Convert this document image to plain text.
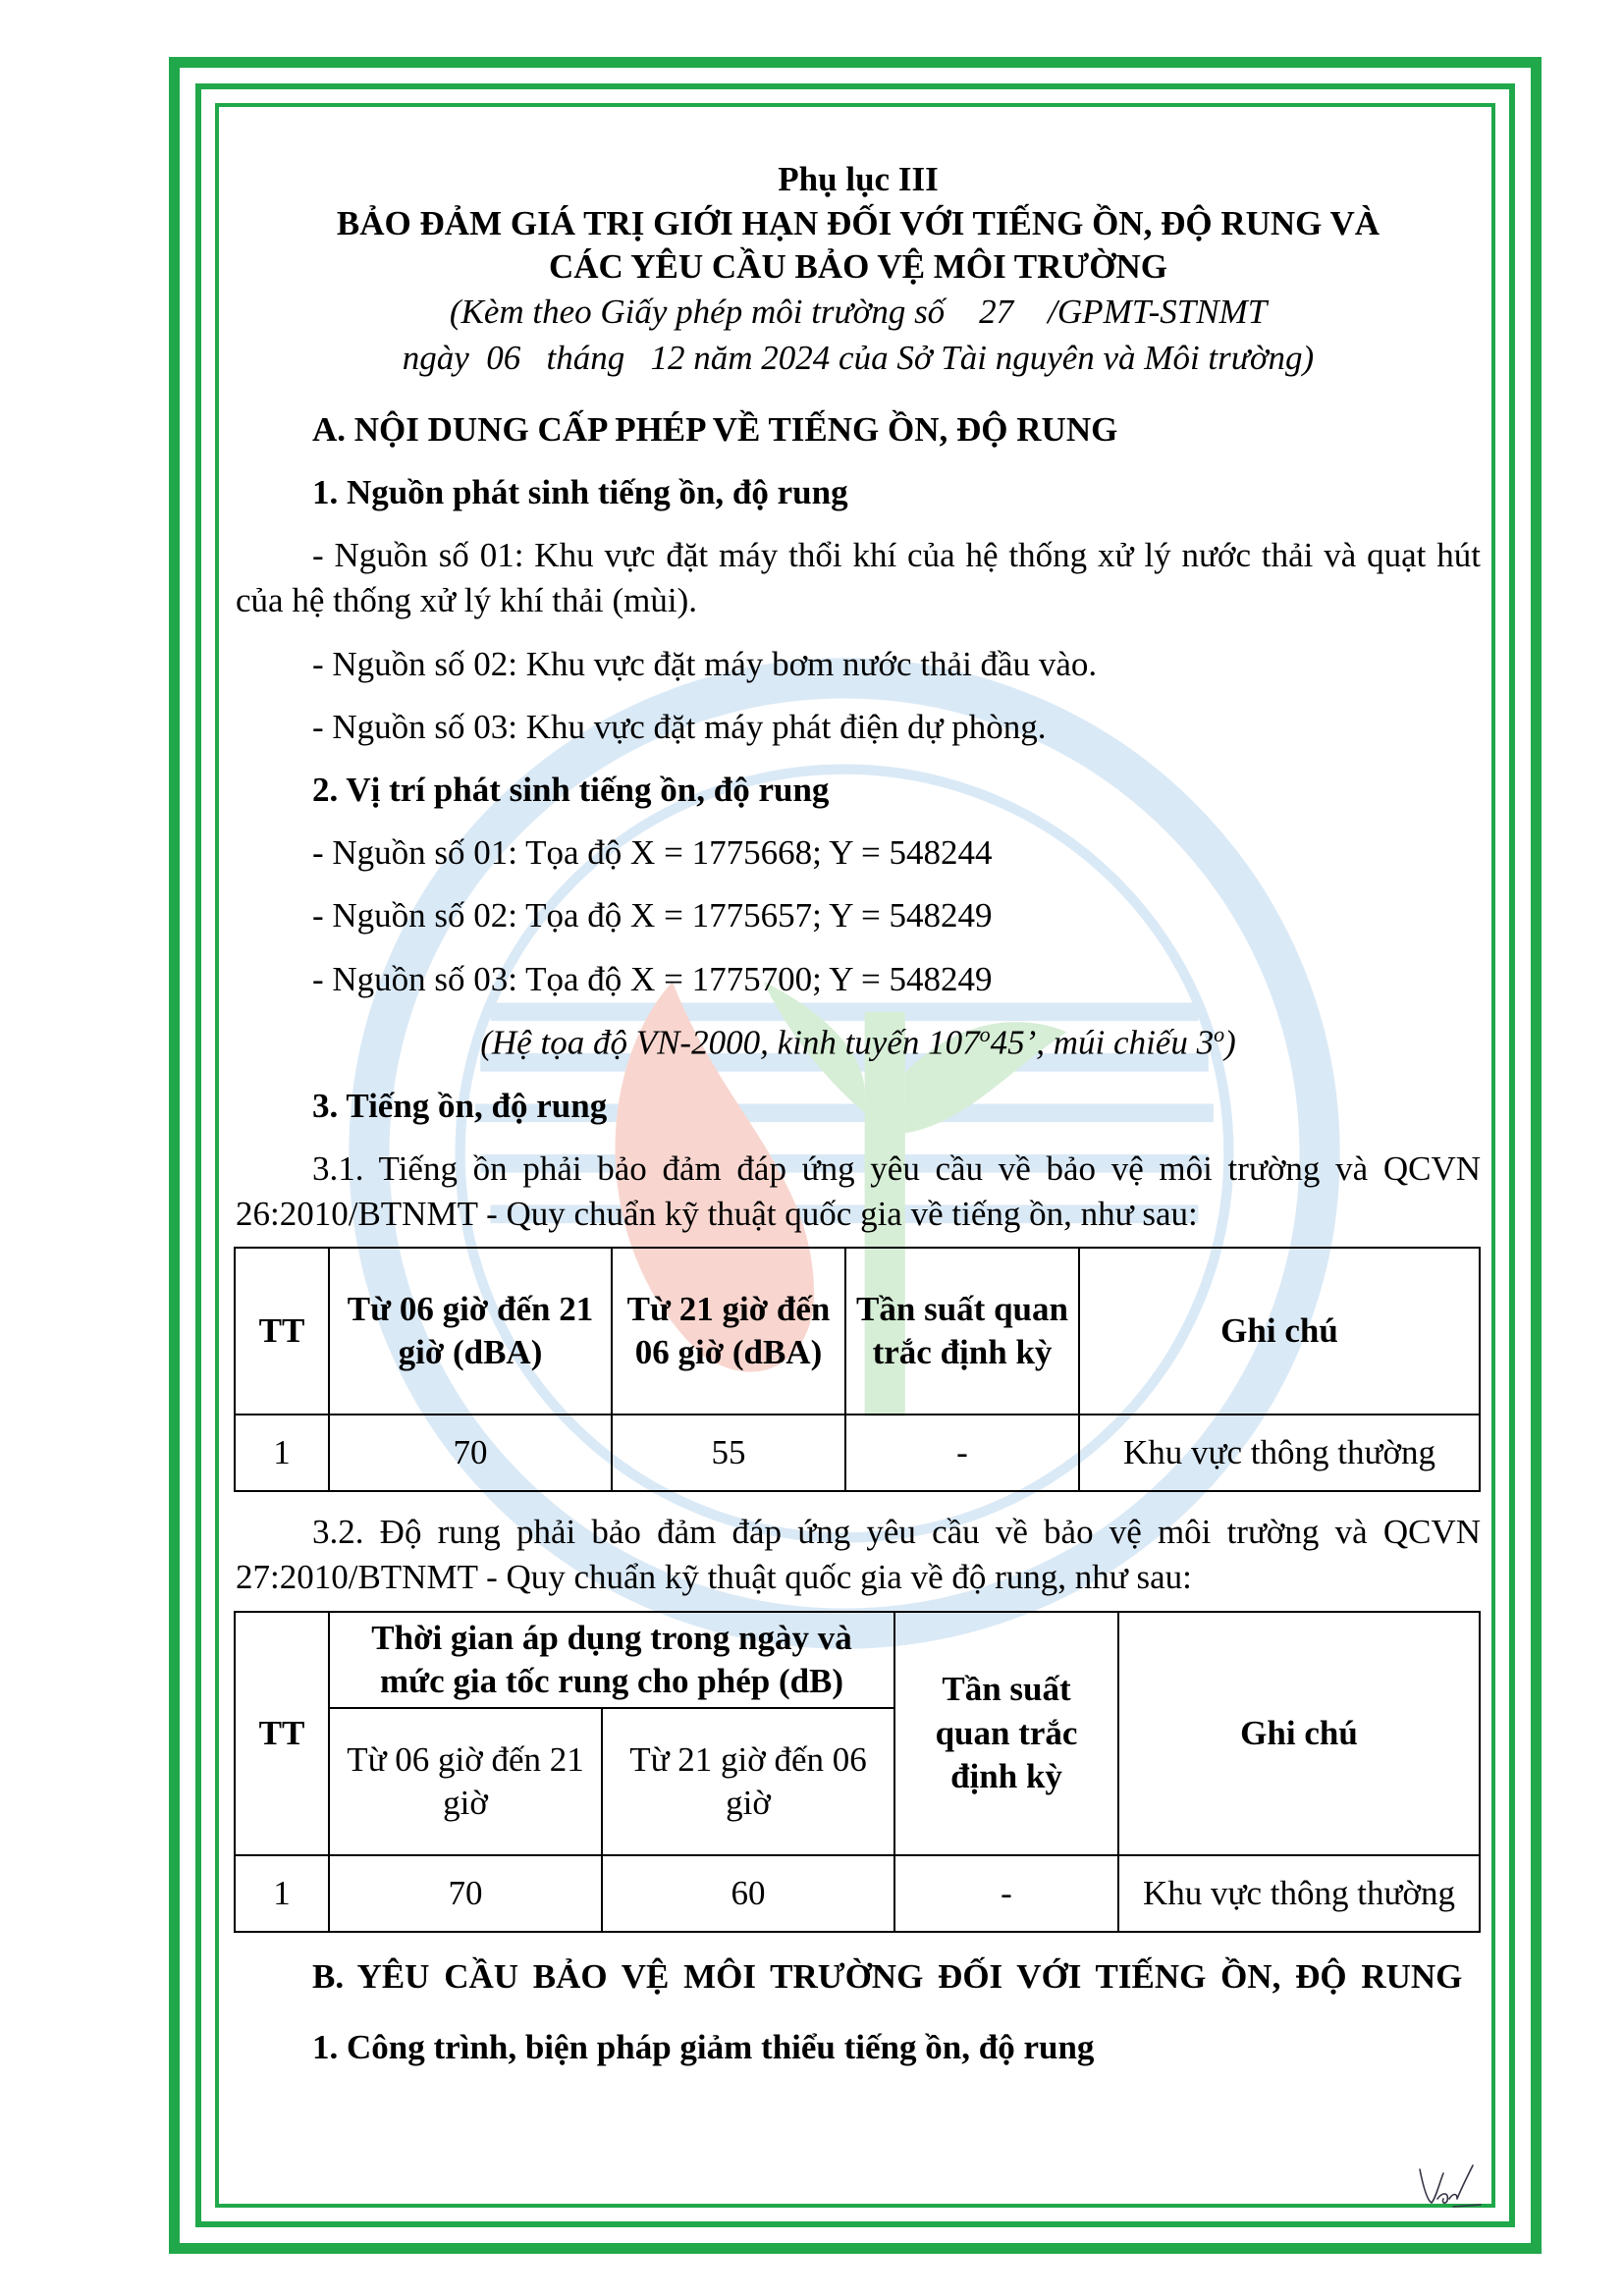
Phụ lục III

BẢO ĐẢM GIÁ TRỊ GIỚI HẠN ĐỐI VỚI TIẾNG ỒN, ĐỘ RUNG VÀ

CÁC YÊU CẦU BẢO VỆ MÔI TRƯỜNG

(Kèm theo Giấy phép môi trường số    27    /GPMT-STNMT

ngày  06   tháng   12 năm 2024 của Sở Tài nguyên và Môi trường)

A. NỘI DUNG CẤP PHÉP VỀ TIẾNG ỒN, ĐỘ RUNG

1. Nguồn phát sinh tiếng ồn, độ rung

- Nguồn số 01: Khu vực đặt máy thổi khí của hệ thống xử lý nước thải và quạt hút của hệ thống xử lý khí thải (mùi).

- Nguồn số 02: Khu vực đặt máy bơm nước thải đầu vào.

- Nguồn số 03: Khu vực đặt máy phát điện dự phòng.

2. Vị trí phát sinh tiếng ồn, độ rung

- Nguồn số 01: Tọa độ X = 1775668; Y = 548244

- Nguồn số 02: Tọa độ X = 1775657; Y = 548249

- Nguồn số 03: Tọa độ X = 1775700; Y = 548249

(Hệ tọa độ VN-2000, kinh tuyến 107$^o$45’, múi chiếu 3$^o$)

3. Tiếng ồn, độ rung

3.1. Tiếng ồn phải bảo đảm đáp ứng yêu cầu về bảo vệ môi trường và QCVN 26:2010/BTNMT - Quy chuẩn kỹ thuật quốc gia về tiếng ồn, như sau:

TT	Từ 06 giờ đến 21 giờ (dBA)	Từ 21 giờ đến 06 giờ (dBA)	Tần suất quan trắc định kỳ	Ghi chú
1	70	55	-	Khu vực thông thường

3.2. Độ rung phải bảo đảm đáp ứng yêu cầu về bảo vệ môi trường và QCVN 27:2010/BTNMT - Quy chuẩn kỹ thuật quốc gia về độ rung, như sau:

TT	Thời gian áp dụng trong ngày và mức gia tốc rung cho phép (dB)		Tần suất quan trắc định kỳ	Ghi chú
	Từ 06 giờ đến 21 giờ	Từ 21 giờ đến 06 giờ		
1	70	60	-	Khu vực thông thường

B. YÊU CẦU BẢO VỆ MÔI TRƯỜNG ĐỐI VỚI TIẾNG ỒN, ĐỘ RUNG

1. Công trình, biện pháp giảm thiểu tiếng ồn, độ rung
